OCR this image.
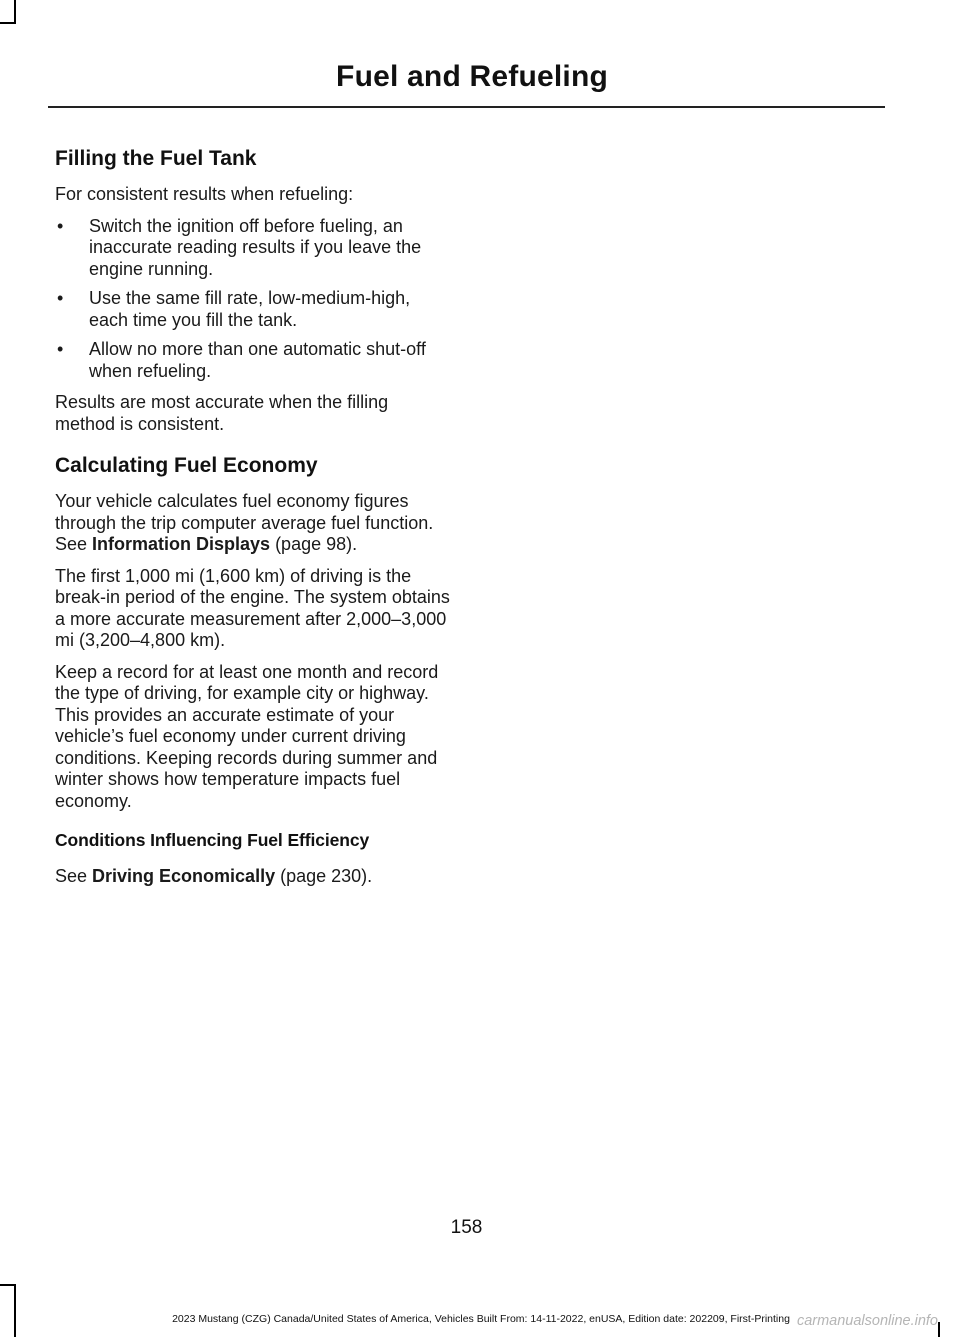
Fuel and Refueling
Filling the Fuel Tank

For consistent results when refueling:

• Switch the ignition off before fueling, an inaccurate reading results if you leave the engine running.
• Use the same fill rate, low-medium-high, each time you fill the tank.
• Allow no more than one automatic shut-off when refueling.

Results are most accurate when the filling method is consistent.

Calculating Fuel Economy

Your vehicle calculates fuel economy figures through the trip computer average fuel function. See Information Displays (page 98).

The first 1,000 mi (1,600 km) of driving is the break-in period of the engine. The system obtains a more accurate measurement after 2,000–3,000 mi (3,200–4,800 km).

Keep a record for at least one month and record the type of driving, for example city or highway. This provides an accurate estimate of your vehicle’s fuel economy under current driving conditions. Keeping records during summer and winter shows how temperature impacts fuel economy.

Conditions Influencing Fuel Efficiency

See Driving Economically (page 230).

158
2023 Mustang (CZG) Canada/United States of America, Vehicles Built From: 14-11-2022, enUSA, Edition date: 202209, First-Printing carmanualsonline.info
